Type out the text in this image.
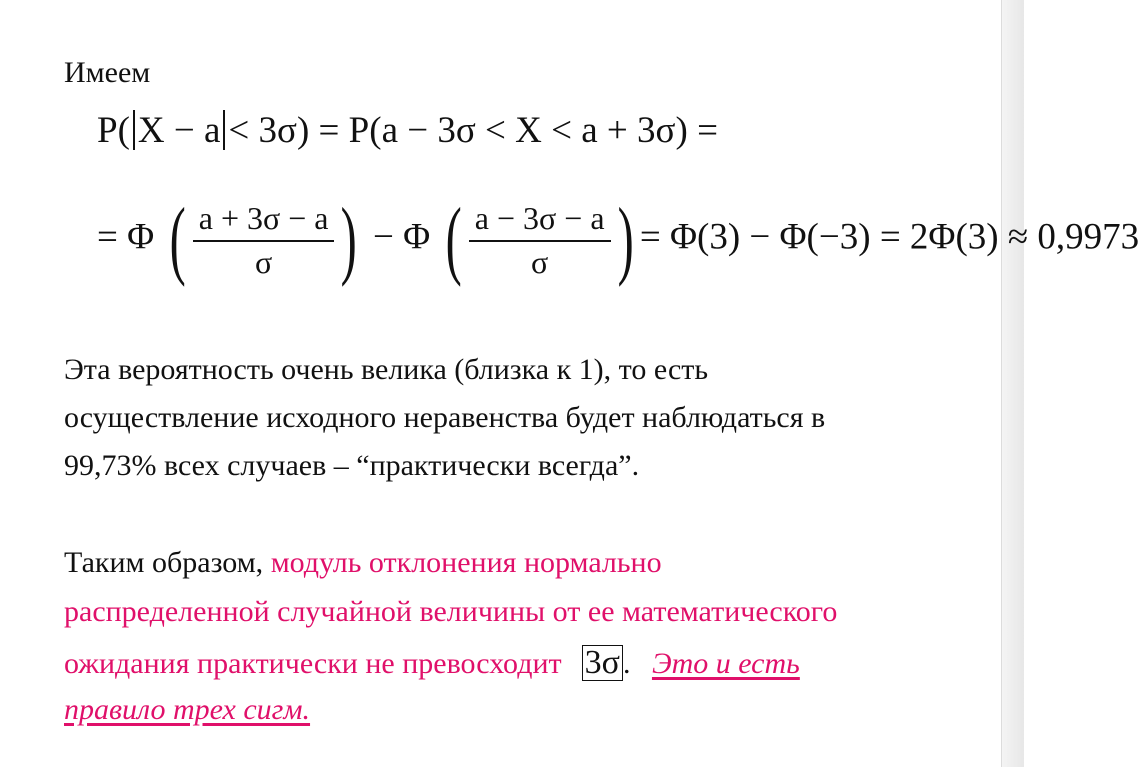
Имеем
P( X − a < 3σ) = P(a − 3σ < X < a + 3σ) =
= Φ ( $\frac{a + 3\sigma - a}{\sigma}$ ) − Φ ( $\frac{a - 3\sigma - a}{\sigma}$ ) = Φ(3) − Φ(−3) = 2Φ(3) ≈ 0,9973
Эта вероятность очень велика (близка к 1), то есть
осуществление исходного неравенства будет наблюдаться в
99,73% всех случаев – “практически всегда”.
Таким образом, модуль отклонения нормально
распределенной случайной величины от ее математического
ожидания практически не превосходит 3σ . Это и есть
правило трех сигм.
